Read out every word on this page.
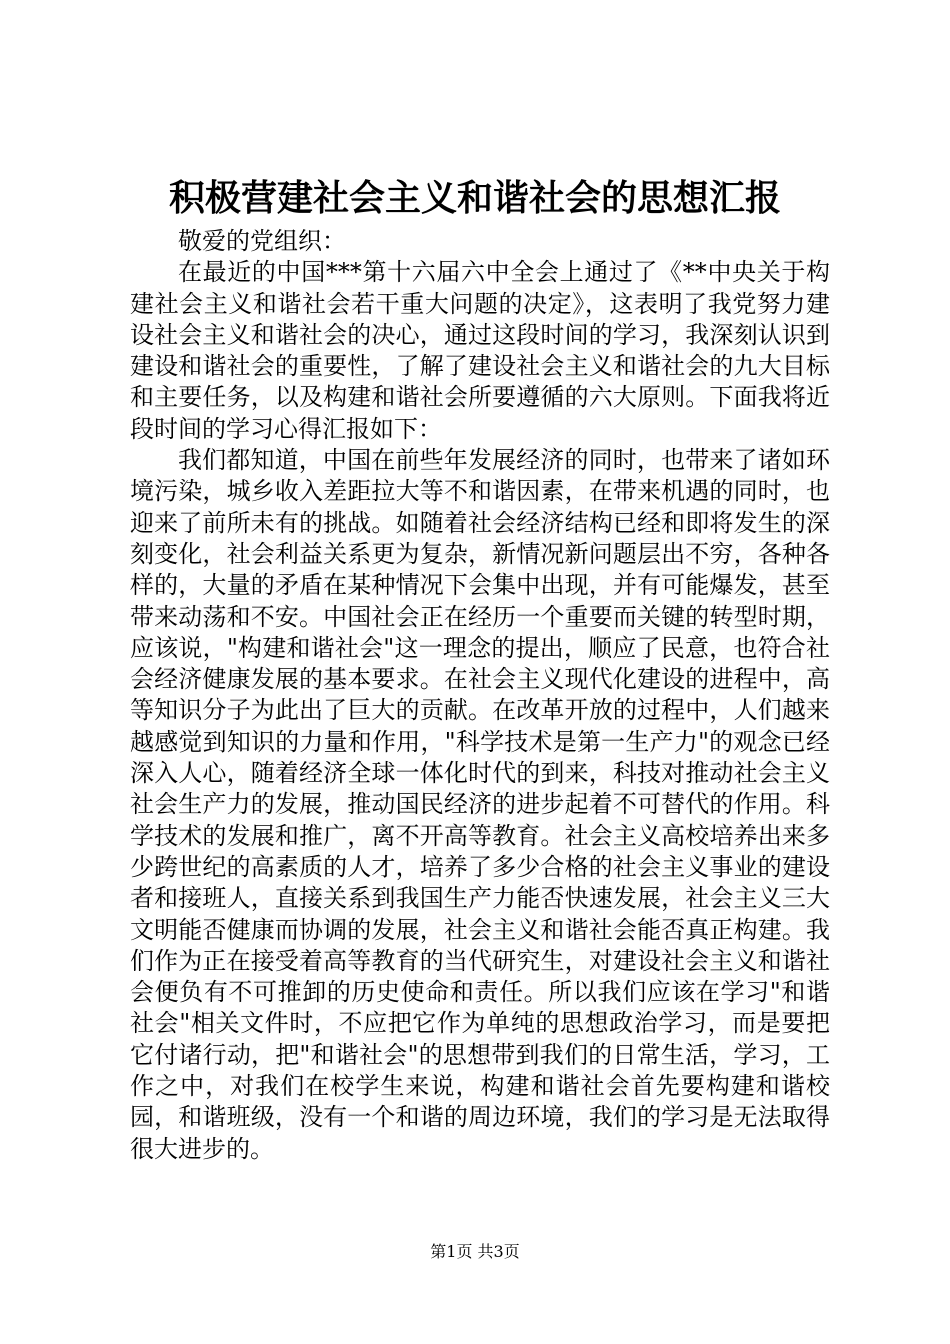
积极营建社会主义和谐社会的思想汇报

敬爱的党组织：

在最近的中国***第十六届六中全会上通过了《**中央关于构建社会主义和谐社会若干重大问题的决定》，这表明了我党努力建设社会主义和谐社会的决心，通过这段时间的学习，我深刻认识到建设和谐社会的重要性，了解了建设社会主义和谐社会的九大目标和主要任务，以及构建和谐社会所要遵循的六大原则。下面我将近段时间的学习心得汇报如下：

我们都知道，中国在前些年发展经济的同时，也带来了诸如环境污染，城乡收入差距拉大等不和谐因素，在带来机遇的同时，也迎来了前所未有的挑战。如随着社会经济结构已经和即将发生的深刻变化，社会利益关系更为复杂，新情况新问题层出不穷，各种各样的，大量的矛盾在某种情况下会集中出现，并有可能爆发，甚至带来动荡和不安。中国社会正在经历一个重要而关键的转型时期，应该说，"构建和谐社会"这一理念的提出，顺应了民意，也符合社会经济健康发展的基本要求。在社会主义现代化建设的进程中，高等知识分子为此出了巨大的贡献。在改革开放的过程中，人们越来越感觉到知识的力量和作用，"科学技术是第一生产力"的观念已经深入人心，随着经济全球一体化时代的到来，科技对推动社会主义社会生产力的发展，推动国民经济的进步起着不可替代的作用。科学技术的发展和推广，离不开高等教育。社会主义高校培养出来多少跨世纪的高素质的人才，培养了多少合格的社会主义事业的建设者和接班人，直接关系到我国生产力能否快速发展，社会主义三大文明能否健康而协调的发展，社会主义和谐社会能否真正构建。我们作为正在接受着高等教育的当代研究生，对建设社会主义和谐社会便负有不可推卸的历史使命和责任。所以我们应该在学习"和谐社会"相关文件时，不应把它作为单纯的思想政治学习，而是要把它付诸行动，把"和谐社会"的思想带到我们的日常生活，学习，工作之中，对我们在校学生来说，构建和谐社会首先要构建和谐校园，和谐班级，没有一个和谐的周边环境，我们的学习是无法取得很大进步的。

第1页 共3页
